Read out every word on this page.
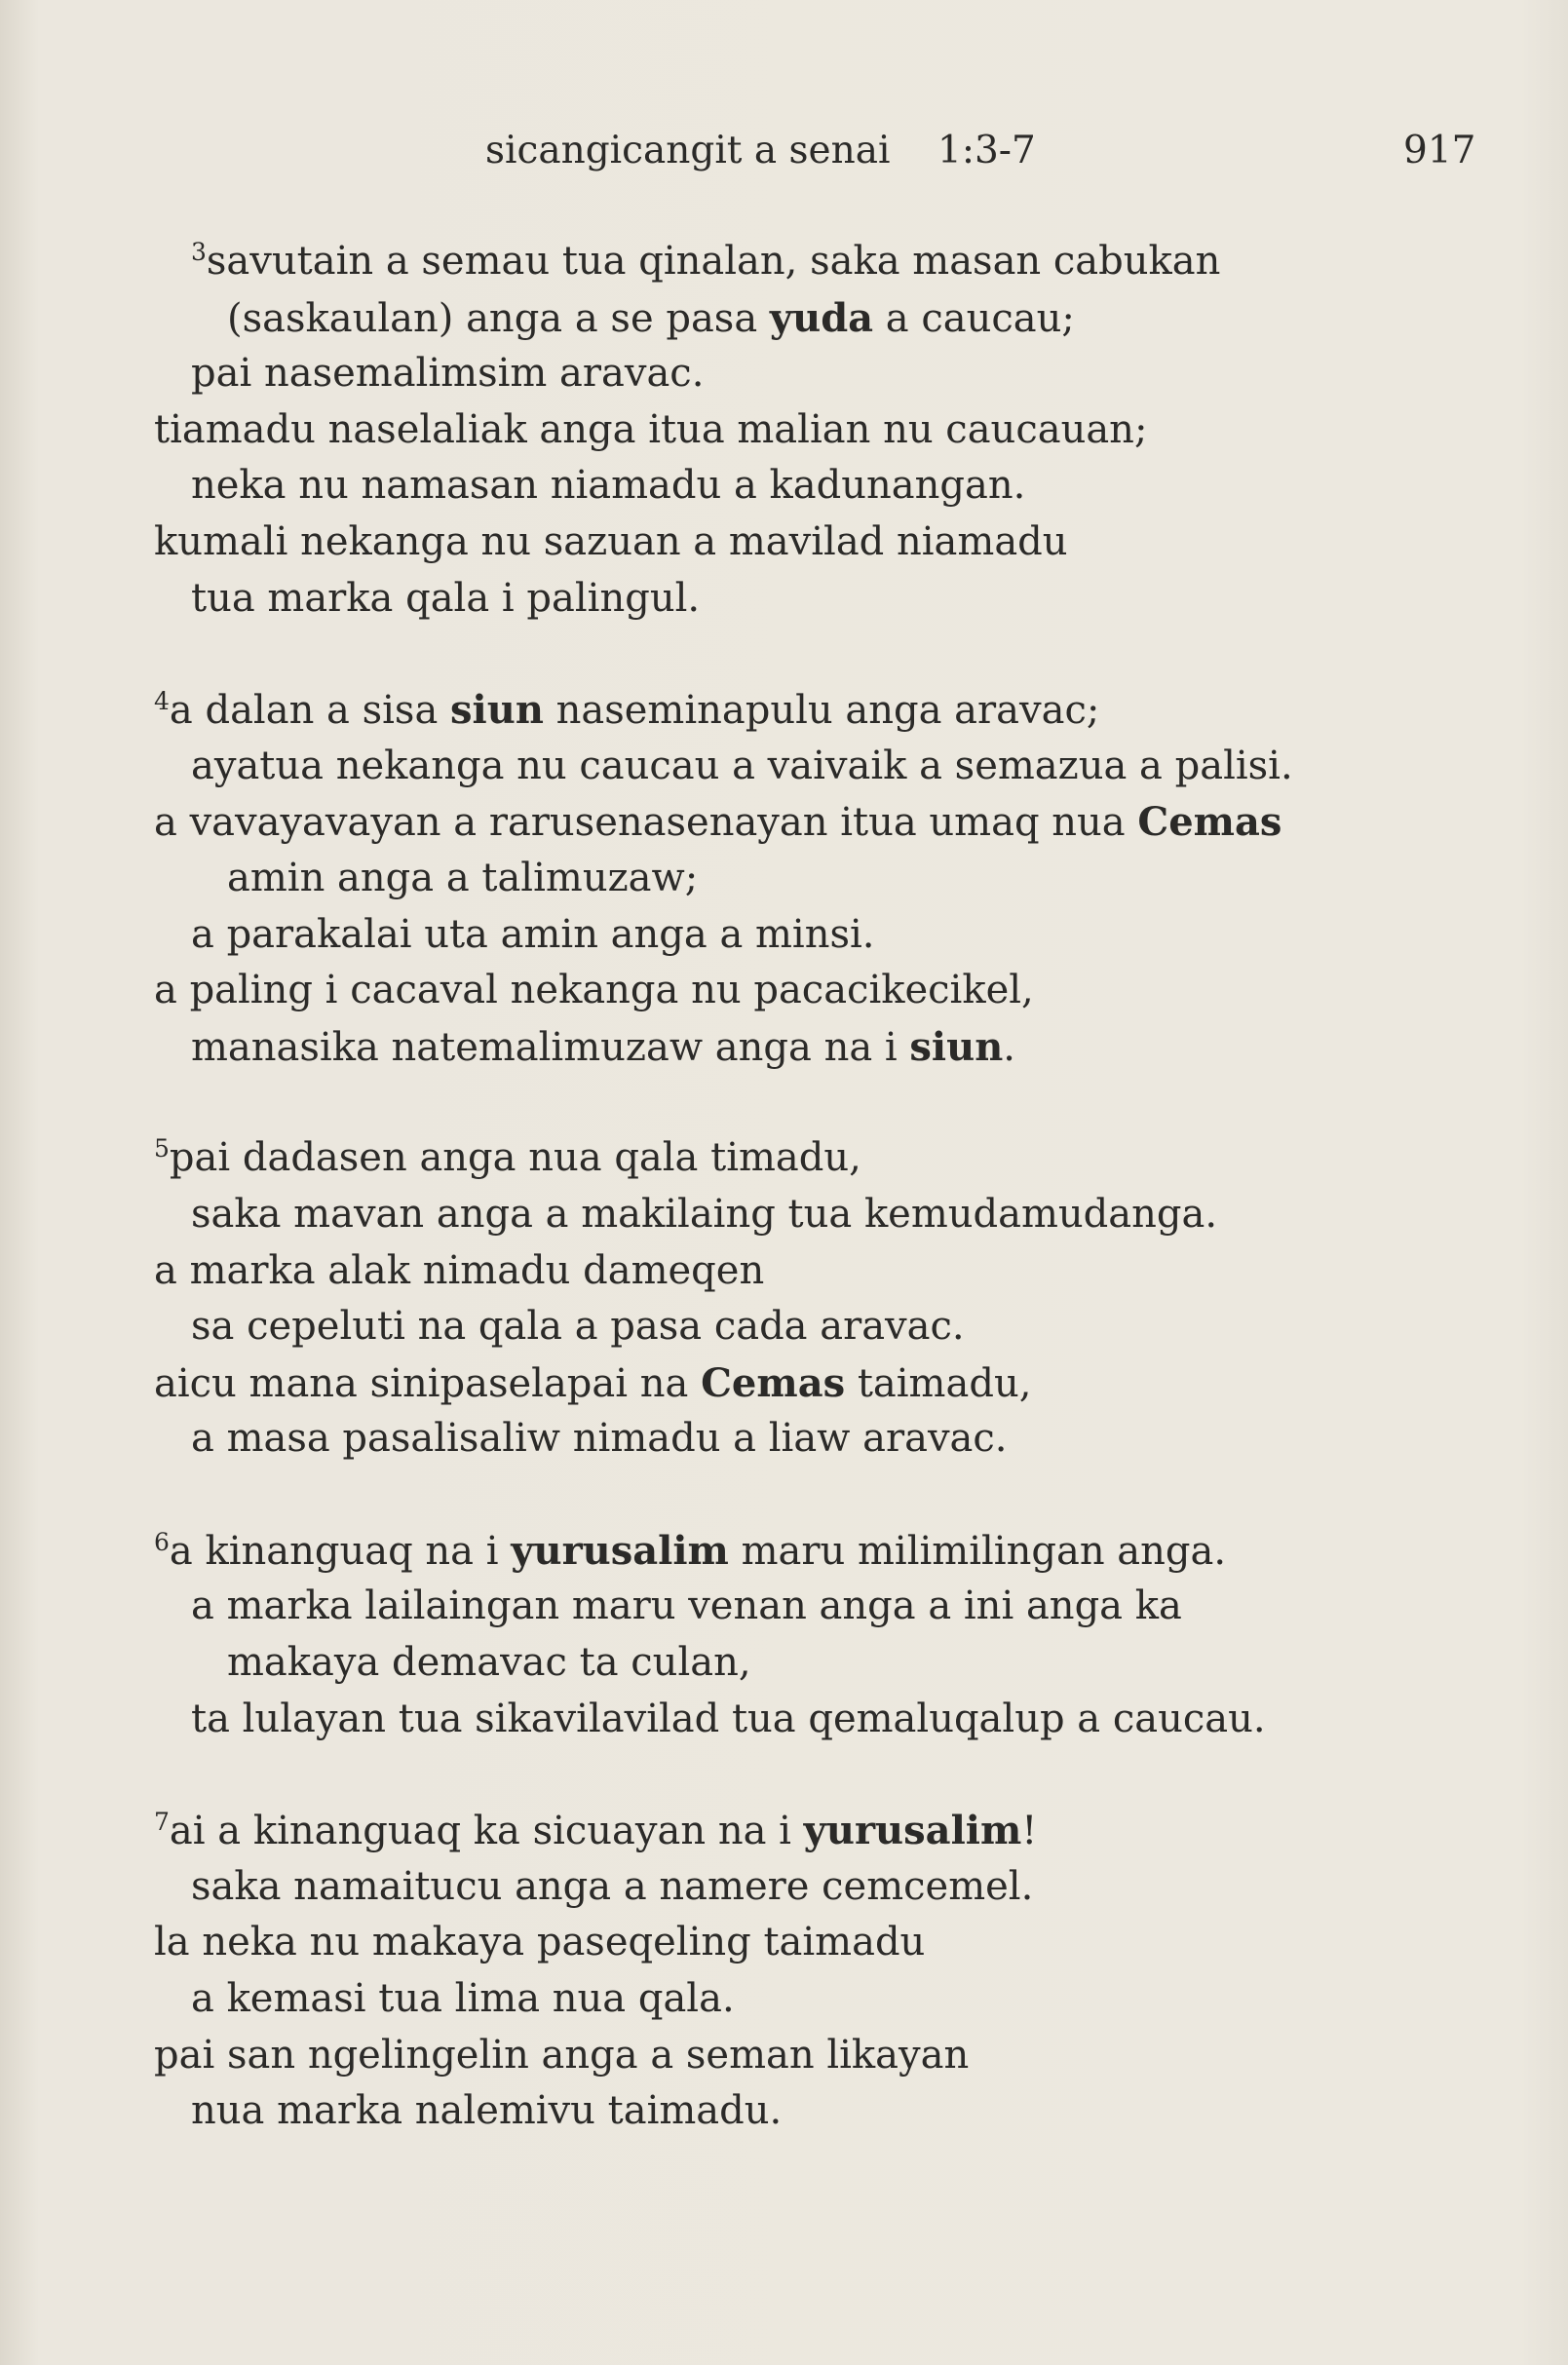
sicangicangit a senai 1:3-7	917
$^3$savutain a semau tua qinalan, saka masan cabukan
(saskaulan) anga a se pasa yuda a caucau;
pai nasemalimsim aravac.
tiamadu naselaliak anga itua malian nu caucauan;
neka nu namasan niamadu a kadunangan.
kumali nekanga nu sazuan a mavilad niamadu
tua marka qala i palingul.
$^4$a dalan a sisa siun naseminapulu anga aravac;
ayatua nekanga nu caucau a vaivaik a semazua a palisi.
a vavayavayan a rarusenasenayan itua umaq nua Cemas
amin anga a talimuzaw;
a parakalai uta amin anga a minsi.
a paling i cacaval nekanga nu pacacikecikel,
manasika natemalimuzaw anga na i siun.
$^5$pai dadasen anga nua qala timadu,
saka mavan anga a makilaing tua kemudamudanga.
a marka alak nimadu dameqen
sa cepeluti na qala a pasa cada aravac.
aicu mana sinipaselapai na Cemas taimadu,
a masa pasalisaliw nimadu a liaw aravac.
$^6$a kinanguaq na i yurusalim maru milimilingan anga.
a marka lailaingan maru venan anga a ini anga ka
makaya demavac ta culan,
ta lulayan tua sikavilavilad tua qemaluqalup a caucau.
$^7$ai a kinanguaq ka sicuayan na i yurusalim!
saka namaitucu anga a namere cemcemel.
la neka nu makaya paseqeling taimadu
a kemasi tua lima nua qala.
pai san ngelingelin anga a seman likayan
nua marka nalemivu taimadu.
